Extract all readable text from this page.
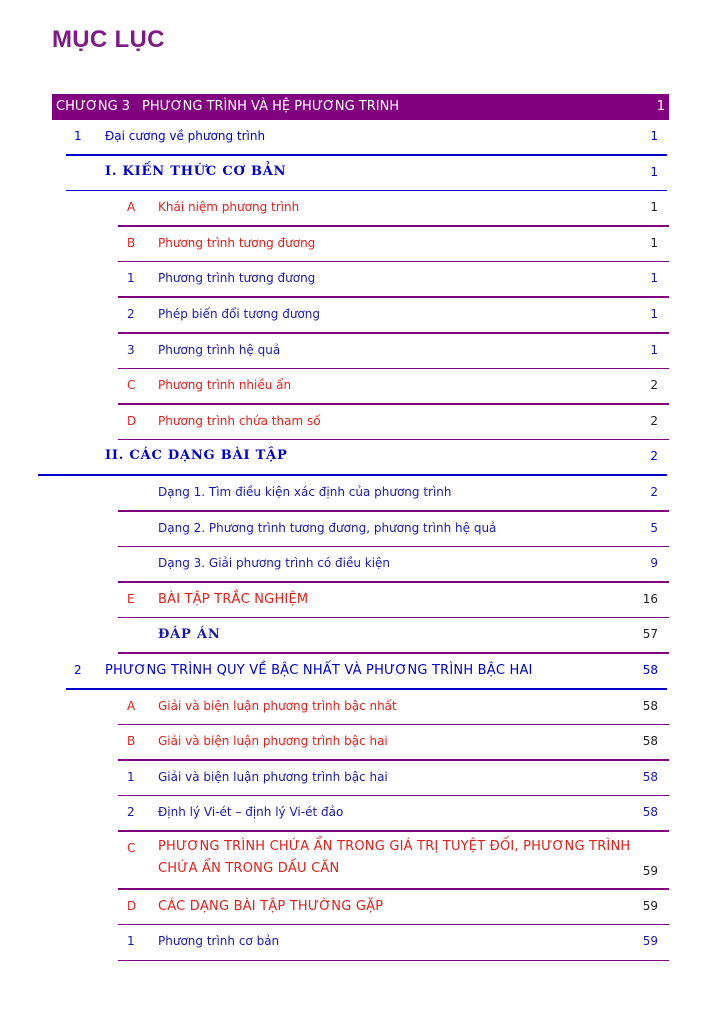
MỤC LỤC
CHƯƠNG 3 PHƯƠNG TRÌNH VÀ HỆ PHƯƠNG TRINH	1
1 Đại cương về phương trình	1
I. KIẾN THỨC CƠ BẢN	1
A Khái niệm phương trình	1
B Phương trình tương đương	1
1 Phương trình tương đương	1
2 Phép biến đổi tương đương	1
3 Phương trình hệ quả	1
C Phương trình nhiều ẩn	2
D Phương trình chứa tham số	2
II. CÁC DẠNG BÀI TẬP	2
Dạng 1. Tìm điều kiện xác định của phương trình	2
Dạng 2. Phương trình tương đương, phương trình hệ quả	5
Dạng 3. Giải phương trình có điều kiện	9
E BÀI TẬP TRẮC NGHIỆM	16
ĐÁP ÁN	57
2 PHƯƠNG TRÌNH QUY VỀ BẬC NHẤT VÀ PHƯƠNG TRÌNH BẬC HAI	58
A Giải và biện luận phương trình bậc nhất	58
B Giải và biện luận phương trình bậc hai	58
1 Giải và biện luận phương trình bậc hai	58
2 Định lý Vi-ét – định lý Vi-ét đảo	58
C PHƯƠNG TRÌNH CHỨA ẨN TRONG GIÁ TRỊ TUYỆT ĐỐI, PHƯƠNG TRÌNH CHỨA ẨN TRONG DẤU CĂN	59
D CÁC DẠNG BÀI TẬP THƯỜNG GẶP	59
1 Phương trình cơ bản	59
